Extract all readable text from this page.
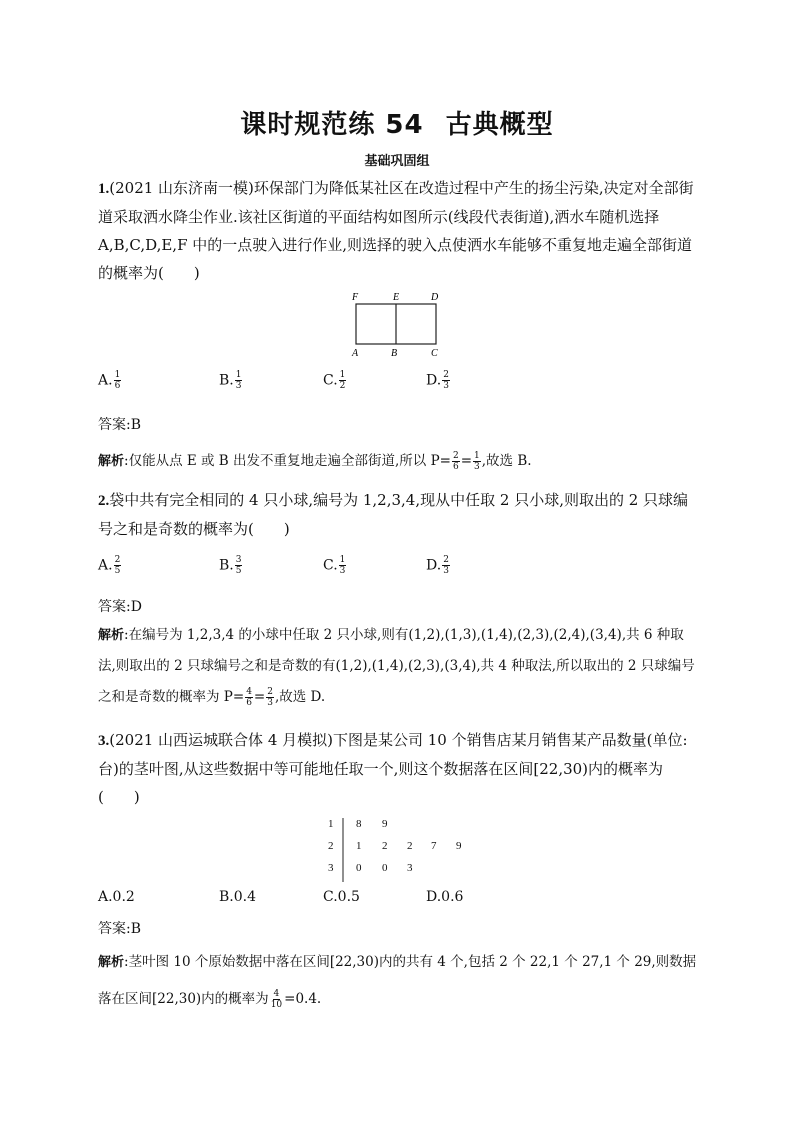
课时规范练 54 古典概型
基础巩固组
1.(2021 山东济南一模)环保部门为降低某社区在改造过程中产生的扬尘污染,决定对全部街道采取洒水降尘作业.该社区街道的平面结构如图所示(线段代表街道),洒水车随机选择 A,B,C,D,E,F 中的一点驶入进行作业,则选择的驶入点使洒水车能够不重复地走遍全部街道的概率为(　　)
F	E	D
A	B	C
A. $\frac{1}{6}$	B. $\frac{1}{3}$	C. $\frac{1}{2}$	D. $\frac{2}{3}$
答案:B
解析:仅能从点 E 或 B 出发不重复地走遍全部街道,所以 $P= \frac{2}{6} = \frac{1}{3}$ ,故选 B.
2.袋中共有完全相同的 4 只小球,编号为 1,2,3,4,现从中任取 2 只小球,则取出的 2 只球编号之和是奇数的概率为(　　)
A. $\frac{2}{5}$	B. $\frac{3}{5}$	C. $\frac{1}{3}$	D. $\frac{2}{3}$
答案:D
解析:在编号为 1,2,3,4 的小球中任取 2 只小球,则有(1,2),(1,3),(1,4),(2,3),(2,4),(3,4),共 6 种取法,则取出的 2 只球编号之和是奇数的有(1,2),(1,4),(2,3),(3,4),共 4 种取法,所以取出的 2 只球编号之和是奇数的概率为 $P= \frac{4}{6} = \frac{2}{3}$ ,故选 D.
3.(2021 山西运城联合体 4 月模拟)下图是某公司 10 个销售店某月销售某产品数量(单位:台)的茎叶图,从这些数据中等可能地任取一个,则这个数据落在区间[22,30)内的概率为(　　)
1 8 9
2 1 2 2 7 9
3 0 0 3
A.0.2	B.0.4	C.0.5	D.0.6
答案:B
解析:茎叶图 10 个原始数据中落在区间[22,30)内的共有 4 个,包括 2 个 22,1 个 27,1 个 29,则数据落在区间[22,30)内的概率为 $\frac{4}{10} =0.4$.
